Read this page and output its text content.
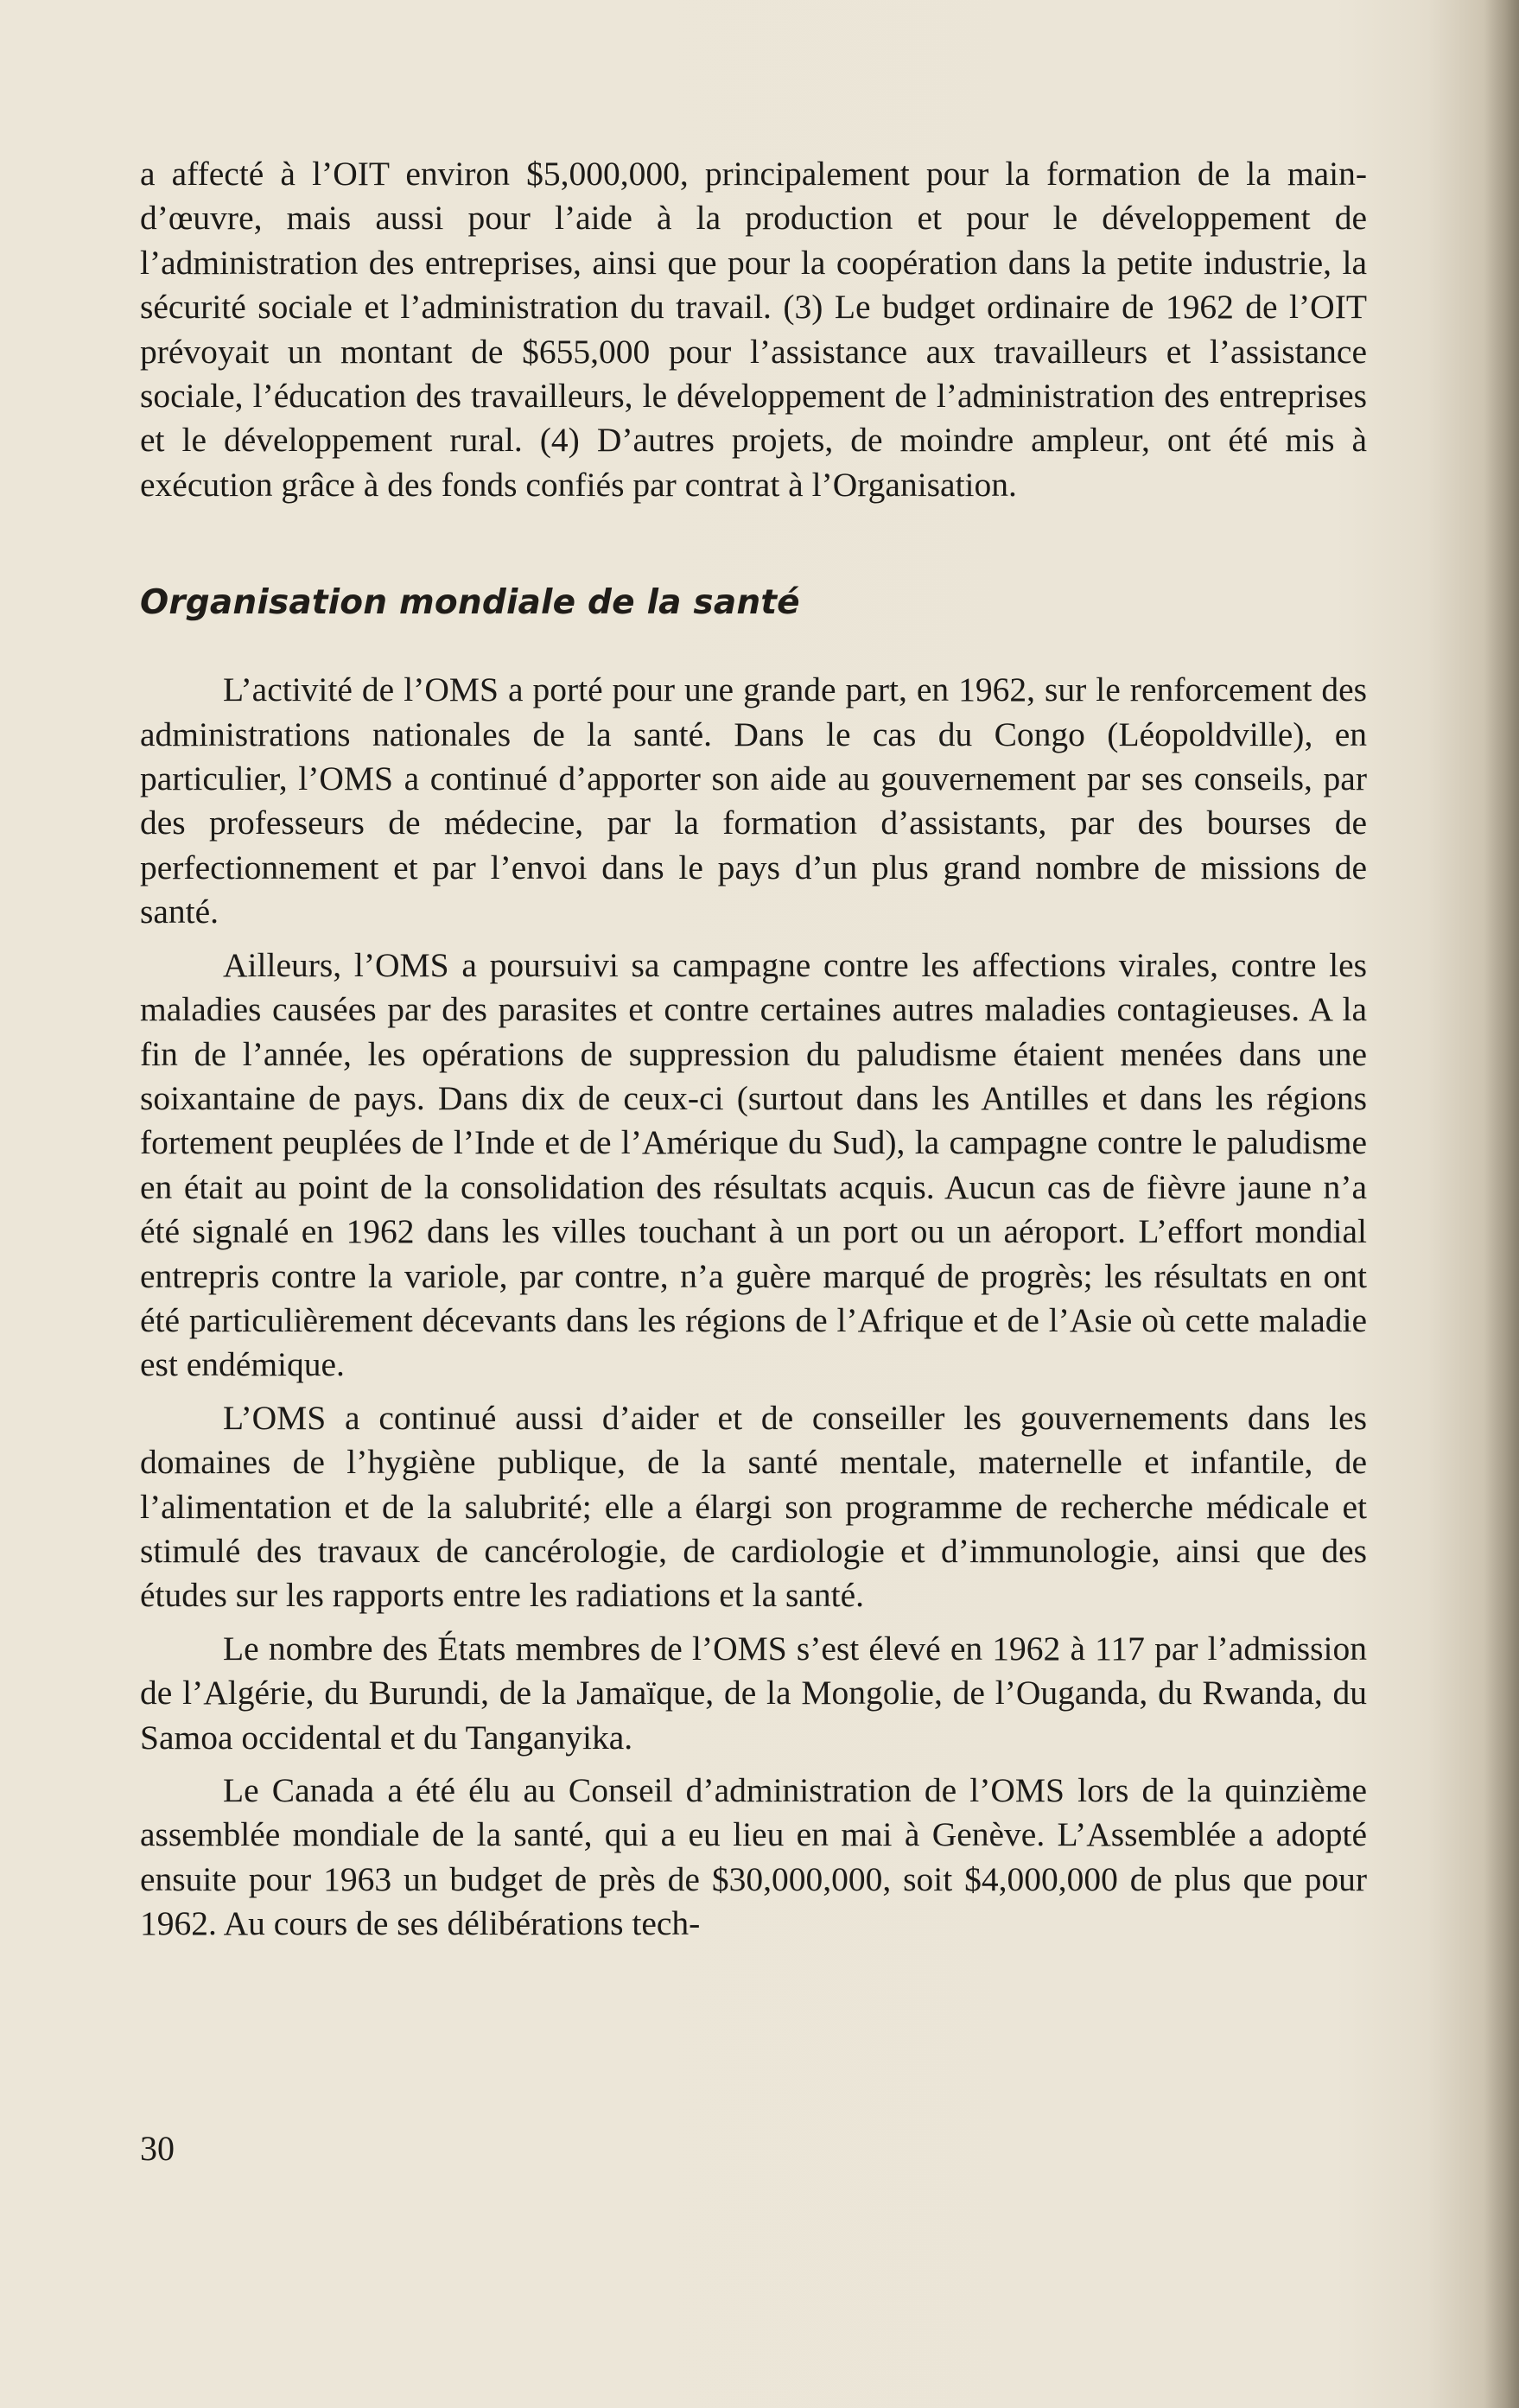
a affecté à l’OIT environ $5,000,000, principalement pour la formation de la main-d’œuvre, mais aussi pour l’aide à la production et pour le développement de l’administration des entreprises, ainsi que pour la coopération dans la petite industrie, la sécurité sociale et l’administration du travail. (3) Le budget ordinaire de 1962 de l’OIT prévoyait un montant de $655,000 pour l’assistance aux travailleurs et l’assistance sociale, l’éducation des travailleurs, le développement de l’administration des entreprises et le développement rural. (4) D’autres projets, de moindre ampleur, ont été mis à exécution grâce à des fonds confiés par contrat à l’Organisation.

Organisation mondiale de la santé

L’activité de l’OMS a porté pour une grande part, en 1962, sur le renforcement des administrations nationales de la santé. Dans le cas du Congo (Léopoldville), en particulier, l’OMS a continué d’apporter son aide au gouvernement par ses conseils, par des professeurs de médecine, par la formation d’assistants, par des bourses de perfectionnement et par l’envoi dans le pays d’un plus grand nombre de missions de santé.

Ailleurs, l’OMS a poursuivi sa campagne contre les affections virales, contre les maladies causées par des parasites et contre certaines autres maladies contagieuses. A la fin de l’année, les opérations de suppression du paludisme étaient menées dans une soixantaine de pays. Dans dix de ceux-ci (surtout dans les Antilles et dans les régions fortement peuplées de l’Inde et de l’Amérique du Sud), la campagne contre le paludisme en était au point de la consolidation des résultats acquis. Aucun cas de fièvre jaune n’a été signalé en 1962 dans les villes touchant à un port ou un aéroport. L’effort mondial entrepris contre la variole, par contre, n’a guère marqué de progrès; les résultats en ont été particulièrement décevants dans les régions de l’Afrique et de l’Asie où cette maladie est endémique.

L’OMS a continué aussi d’aider et de conseiller les gouvernements dans les domaines de l’hygiène publique, de la santé mentale, maternelle et infantile, de l’alimentation et de la salubrité; elle a élargi son programme de recherche médicale et stimulé des travaux de cancérologie, de cardiologie et d’immunologie, ainsi que des études sur les rapports entre les radiations et la santé.

Le nombre des États membres de l’OMS s’est élevé en 1962 à 117 par l’admission de l’Algérie, du Burundi, de la Jamaïque, de la Mongolie, de l’Ouganda, du Rwanda, du Samoa occidental et du Tanganyika.

Le Canada a été élu au Conseil d’administration de l’OMS lors de la quinzième assemblée mondiale de la santé, qui a eu lieu en mai à Genève. L’Assemblée a adopté ensuite pour 1963 un budget de près de $30,000,000, soit $4,000,000 de plus que pour 1962. Au cours de ses délibérations tech-

30
